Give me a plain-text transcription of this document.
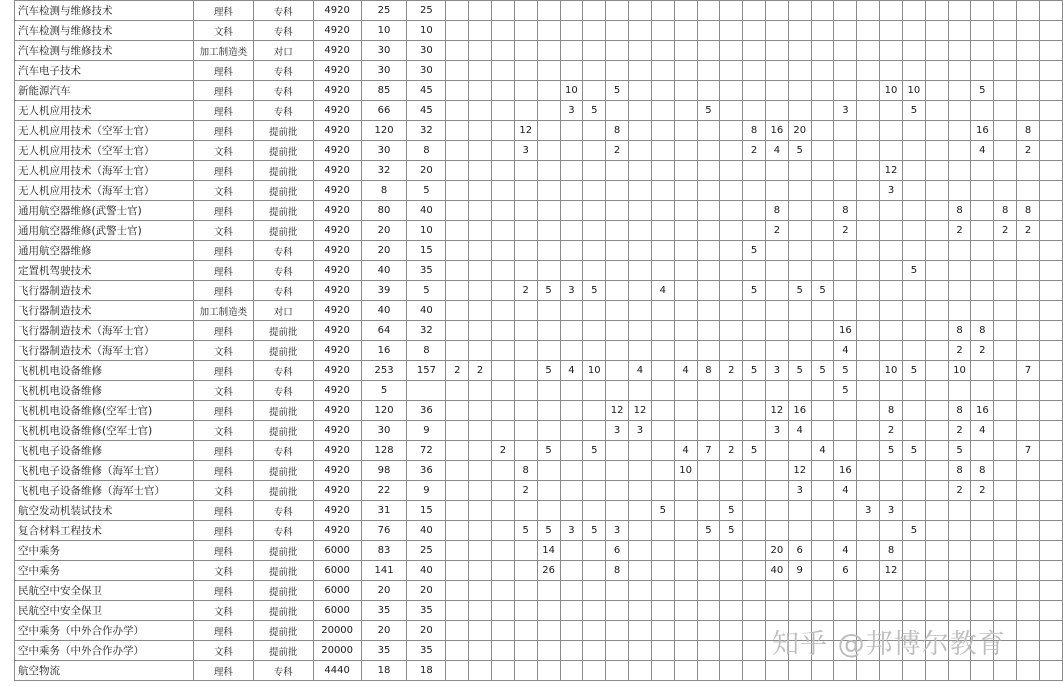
汽车检测与维修技术	理科	专科	4920	25	25																											
汽车检测与维修技术	文科	专科	4920	10	10																											
汽车检测与维修技术	加工制造类	对口	4920	30	30																											
汽车电子技术	理科	专科	4920	30	30																											
新能源汽车	理科	专科	4920	85	45						10		5												10	10			5			
无人机应用技术	理科	专科	4920	66	45						3	5					5						3			5						
无人机应用技术（空军士官）	理科	提前批	4920	120	32				12				8						8	16	20								16		8	
无人机应用技术（空军士官）	文科	提前批	4920	30	8				3				2						2	4	5								4		2	
无人机应用技术（海军士官）	理科	提前批	4920	32	20																				12							
无人机应用技术（海军士官）	文科	提前批	4920	8	5																				3							
通用航空器维修(武警士官)	理科	提前批	4920	80	40															8			8					8		8	8	
通用航空器维修(武警士官)	文科	提前批	4920	20	10															2			2					2		2	2	
通用航空器维修	理科	专科	4920	20	15														5													
定置机驾驶技术	理科	专科	4920	40	35																					5						
飞行器制造技术	理科	专科	4920	39	5				2	5	3	5			4				5		5	5										
飞行器制造技术	加工制造类	对口	4920	40	40																											
飞行器制造技术（海军士官）	理科	提前批	4920	64	32																		16					8	8			
飞行器制造技术（海军士官）	文科	提前批	4920	16	8																		4					2	2			
飞机机电设备维修	理科	专科	4920	253	157	2	2			5	4	10		4		4	8	2	5	3	5	5	5		10	5		10			7	
飞机机电设备维修	文科	专科	4920	5																			5									
飞机机电设备维修(空军士官)	理科	提前批	4920	120	36								12	12						12	16				8			8	16			
飞机机电设备维修(空军士官)	文科	提前批	4920	30	9								3	3						3	4				2			2	4			
飞机电子设备维修	理科	专科	4920	128	72			2		5		5				4	7	2	5			4			5	5		5			7	
飞机电子设备维修（海军士官）	理科	提前批	4920	98	36				8							10					12		16					8	8			
飞机电子设备维修（海军士官）	文科	提前批	4920	22	9				2												3		4					2	2			
航空发动机装试技术	理科	专科	4920	31	15										5			5						3	3							
复合材料工程技术	理科	专科	4920	76	40				5	5	3	5	3				5	5								5						
空中乘务	理科	提前批	6000	83	25					14			6							20	6		4		8							
空中乘务	文科	提前批	6000	141	40					26			8							40	9		6		12							
民航空中安全保卫	理科	提前批	6000	20	20																											
民航空中安全保卫	文科	提前批	6000	35	35																											
空中乘务（中外合作办学）	理科	提前批	20000	20	20																											
空中乘务（中外合作办学）	文科	提前批	20000	35	35																											
航空物流	理科	专科	4440	18	18																											
知乎 @邦博尔教育
